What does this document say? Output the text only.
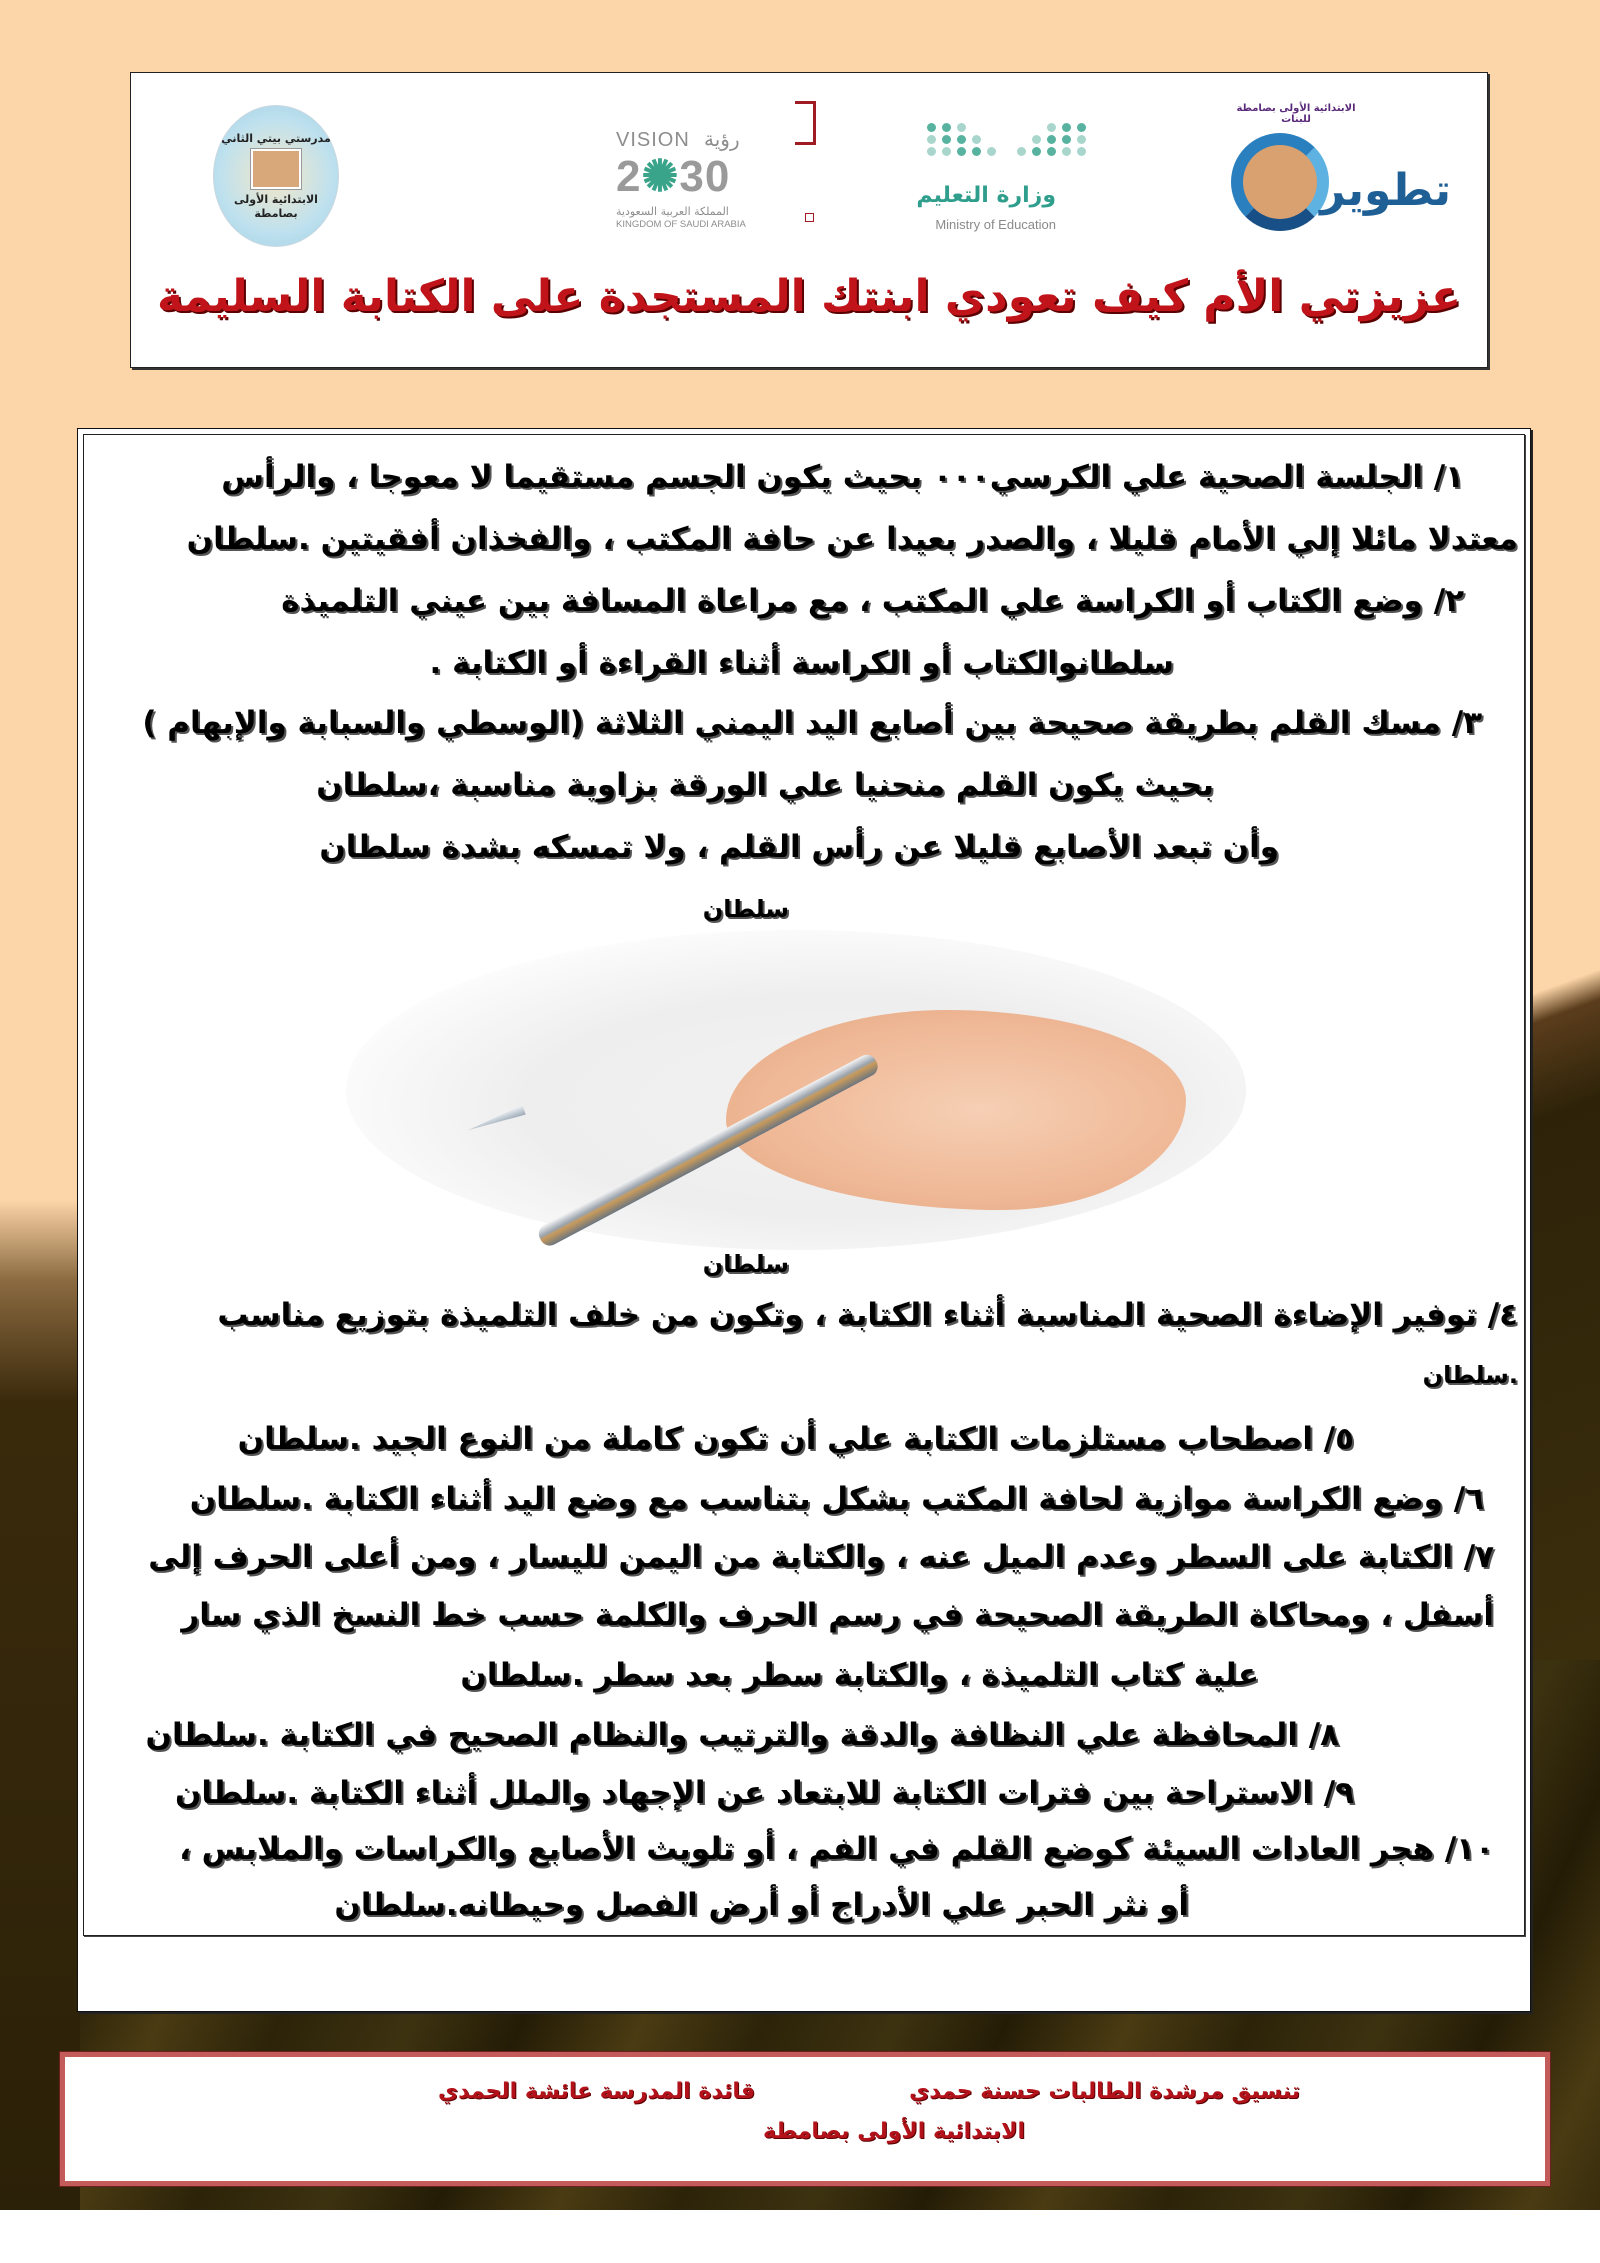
مدرستي بيتي الثاني
الابتدائية الأولى بصامطة
VISION رؤية
2✺30
المملكة العربية السعودية
KINGDOM OF SAUDI ARABIA
وزارة التعليم
Ministry of Education
الابتدائية الأولى بصامطة للبنات
تطوير
عزيزتي الأم كيف تعودي ابنتك المستجدة على الكتابة السليمة
١/ الجلسة الصحية علي الكرسي٠٠٠ بحيث يكون الجسم مستقيما لا معوجا ، والرأس
معتدلا مائلا إلي الأمام قليلا ، والصدر بعيدا عن حافة المكتب ، والفخذان أفقيتين .سلطان
٢/ وضع الكتاب أو الكراسة علي المكتب ، مع مراعاة المسافة بين عيني التلميذة
سلطانوالكتاب أو الكراسة أثناء القراءة أو الكتابة .
٣/ مسك القلم بطريقة صحيحة بين أصابع اليد اليمني الثلاثة (الوسطي والسبابة والإبهام )
بحيث يكون القلم منحنيا علي الورقة بزاوية مناسبة ،سلطان
وأن تبعد الأصابع قليلا عن رأس القلم ، ولا تمسكه بشدة سلطان
سلطان
سلطان
٤/ توفير الإضاءة الصحية المناسبة أثناء الكتابة ، وتكون من خلف التلميذة بتوزيع مناسب
.سلطان
٥/ اصطحاب مستلزمات الكتابة علي أن تكون كاملة من النوع الجيد .سلطان
٦/ وضع الكراسة موازية لحافة المكتب بشكل بتناسب مع وضع اليد أثناء الكتابة .سلطان
٧/ الكتابة على السطر وعدم الميل عنه ، والكتابة من اليمن لليسار ، ومن أعلى الحرف إلى
أسفل ، ومحاكاة الطريقة الصحيحة في رسم الحرف والكلمة حسب خط النسخ الذي سار
علية كتاب التلميذة ، والكتابة سطر بعد سطر .سلطان
٨/ المحافظة علي النظافة والدقة والترتيب والنظام الصحيح في الكتابة .سلطان
٩/ الاستراحة بين فترات الكتابة للابتعاد عن الإجهاد والملل أثناء الكتابة .سلطان
١٠/ هجر العادات السيئة كوضع القلم في الفم ، أو تلويث الأصابع والكراسات والملابس ،
أو نثر الحبر علي الأدراج أو أرض الفصل وحيطانه.سلطان
تنسيق مرشدة الطالبات حسنة حمدي
قائدة المدرسة عائشة الحمدي
الابتدائية الأولى بصامطة
